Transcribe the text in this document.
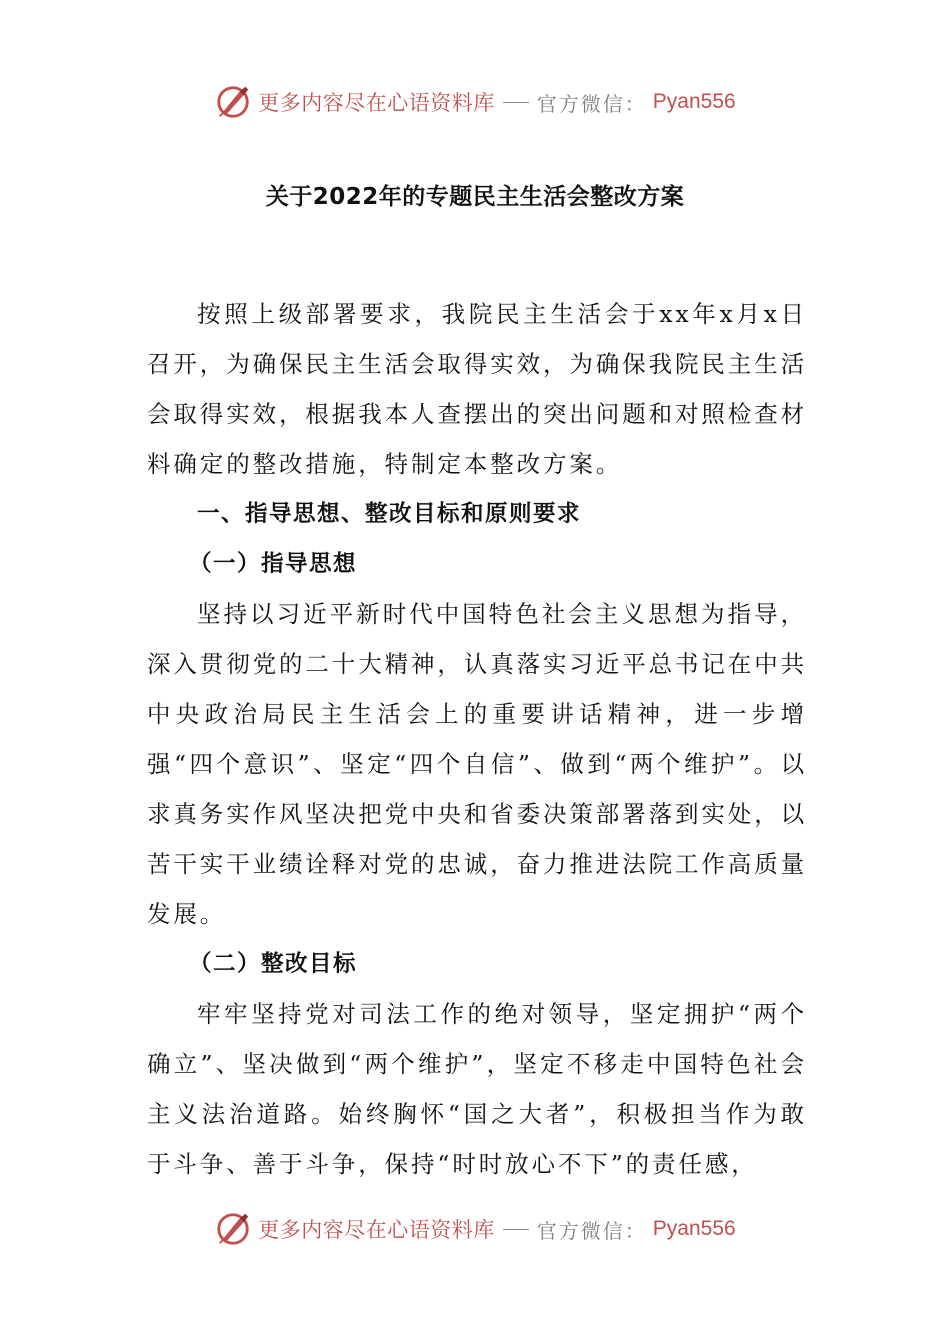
更多内容尽在心语资料库 官方微信： Pyan556
关于2022年的专题民主生活会整改方案

按照上级部署要求，我院民主生活会于xx年x月x日召开，为确保民主生活会取得实效，为确保我院民主生活会取得实效，根据我本人查摆出的突出问题和对照检查材料确定的整改措施，特制定本整改方案。

一、指导思想、整改目标和原则要求

（一）指导思想

坚持以习近平新时代中国特色社会主义思想为指导，深入贯彻党的二十大精神，认真落实习近平总书记在中共中央政治局民主生活会上的重要讲话精神，进一步增强“四个意识”、坚定“四个自信”、做到“两个维护”。以求真务实作风坚决把党中央和省委决策部署落到实处，以苦干实干业绩诠释对党的忠诚，奋力推进法院工作高质量发展。

（二）整改目标

牢牢坚持党对司法工作的绝对领导，坚定拥护“两个确立”、坚决做到“两个维护”，坚定不移走中国特色社会主义法治道路。始终胸怀“国之大者”，积极担当作为敢于斗争、善于斗争，保持“时时放心不下”的责任感，

更多内容尽在心语资料库 官方微信： Pyan556
